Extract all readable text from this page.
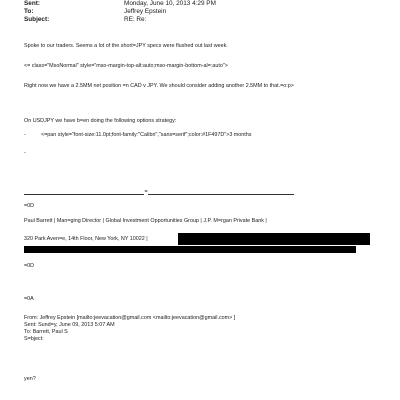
Sent:	Monday, June 10, 2013 4:29 PM
To:	Jeffrey Epstein
Subject:	RE: Re:
Spoke to our traders. Seems a lot of the short=JPY specs were flushed out last week.
<= class="MsoNormal" style="mso-margin-top-alt:auto;mso-margin-bottom-al=:auto">
Right now we have a 2.5MM net position =n CAD v JPY. We should consider adding another 2.5MM to that.=o:p>
On USDJPY we have b=en doing the following options strategy:
-	<=pan style="font-size:11.0pt;font-family:"Calibri","sans=serif";color:#1F497D">3 months
-
=
=0D
Paul Barrett | Man=ging Director | Global Investment Opportunities Group | J.P. M=rgan Private Bank |
320 Park Aven=e, 14th Floor, New York, NY 10022 |
=0D
=0A
From: Jeffrey Epstein [mailto:jeevacation@gmail.com <mailto:jeevacation@gmail.com> ]
Sent: Sund=y, June 09, 2013 5:07 AM
To: Barrett, Paul S
S=bject:
yen?
